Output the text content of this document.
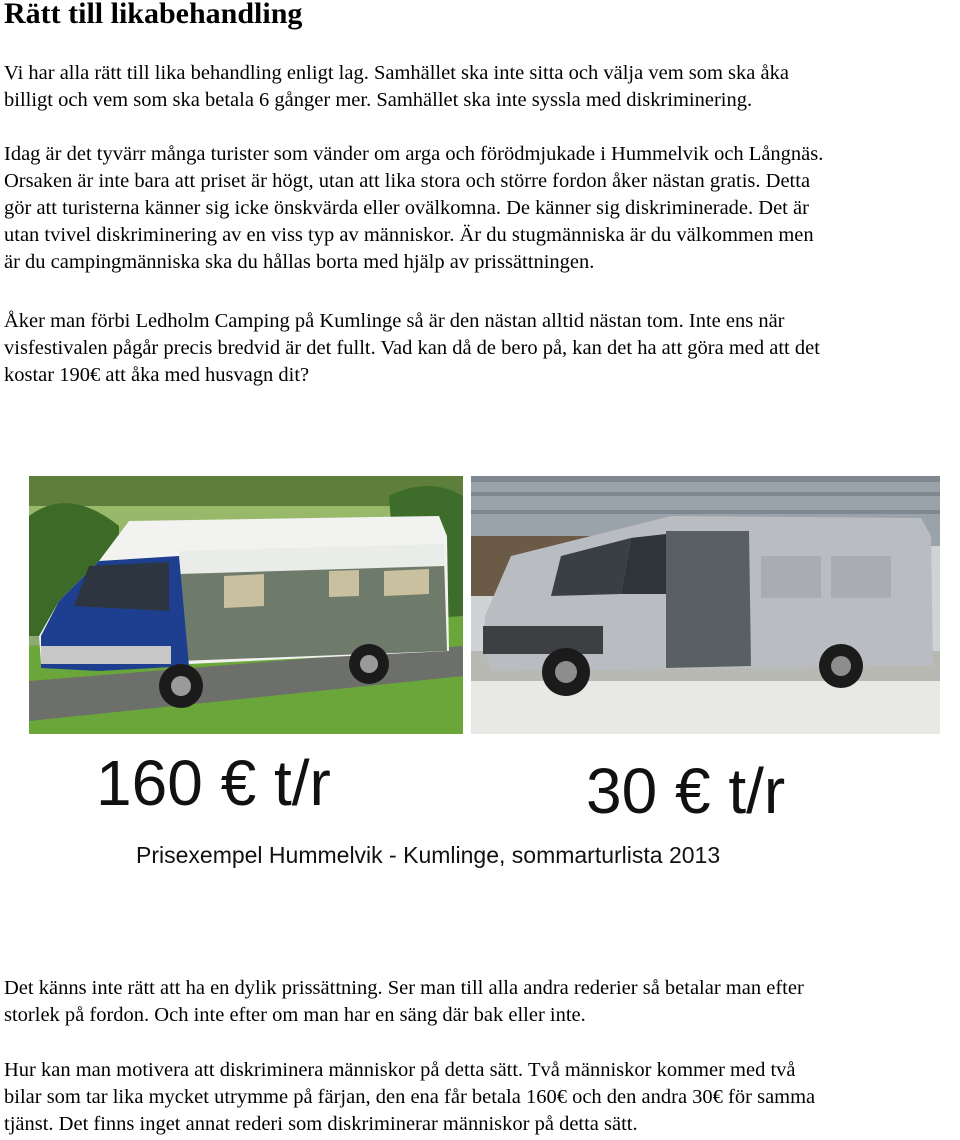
Rätt till likabehandling
Vi har alla rätt till lika behandling enligt lag. Samhället ska inte sitta och välja vem som ska åka
billigt och vem som ska betala 6 gånger mer. Samhället ska inte syssla med diskriminering.
Idag är det tyvärr många turister som vänder om arga och förödmjukade i Hummelvik och Långnäs.
Orsaken är inte bara att priset är högt, utan att lika stora och större fordon åker nästan gratis. Detta
gör att turisterna känner sig icke önskvärda eller ovälkomna. De känner sig diskriminerade. Det är
utan tvivel diskriminering av en viss typ av människor. Är du stugmänniska är du välkommen men
är du campingmänniska ska du hållas borta med hjälp av prissättningen.
Åker man förbi Ledholm Camping på Kumlinge så är den nästan alltid nästan tom. Inte ens när
visfestivalen pågår precis bredvid är det fullt. Vad kan då de bero på, kan det ha att göra med att det
kostar 190€ att åka med husvagn dit?
160 € t/r	30 € t/r
Prisexempel Hummelvik - Kumlinge, sommarturlista 2013
Det känns inte rätt att ha en dylik prissättning. Ser man till alla andra rederier så betalar man efter
storlek på fordon. Och inte efter om man har en säng där bak eller inte.
Hur kan man motivera att diskriminera människor på detta sätt. Två människor kommer med två
bilar som tar lika mycket utrymme på färjan, den ena får betala 160€ och den andra 30€ för samma
tjänst. Det finns inget annat rederi som diskriminerar människor på detta sätt.
